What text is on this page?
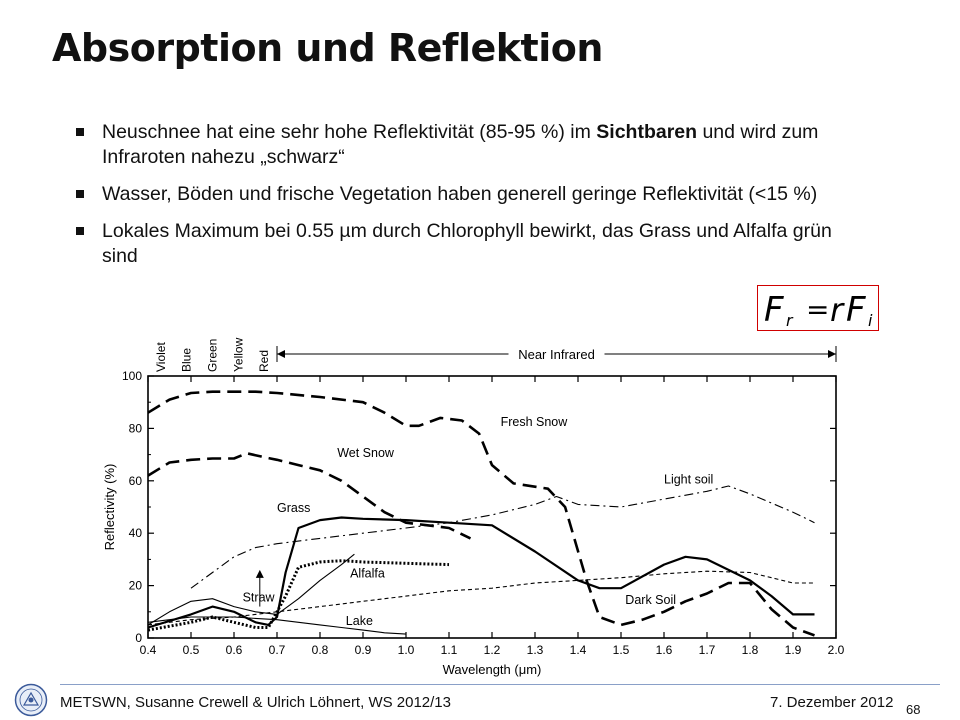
Absorption und Reflektion
Neuschnee hat eine sehr hohe Reflektivität (85-95 %) im Sichtbaren und wird zum Infraroten nahezu „schwarz“
Wasser, Böden und frische Vegetation haben generell geringe Reflektivität (<15 %)
Lokales Maximum bei 0.55 µm durch Chlorophyll bewirkt, das Grass und Alfalfa grün sind
F r = r F i
0
20
40
60
80
100
0.4 0.5 0.6 0.7 0.8 0.9 1.0 1.1 1.2 1.3 1.4 1.5 1.6 1.7 1.8 1.9 2.0
Wavelength (μm)
Reflectivity (%)
Violet Blue Green Yellow Red	Near Infrared
Fresh Snow
Wet Snow
Light soil
Grass
Alfalfa
Straw	Dark Soil
Lake
METSWN, Susanne Crewell & Ulrich Löhnert, WS 2012/13	7. Dezember 2012 68
